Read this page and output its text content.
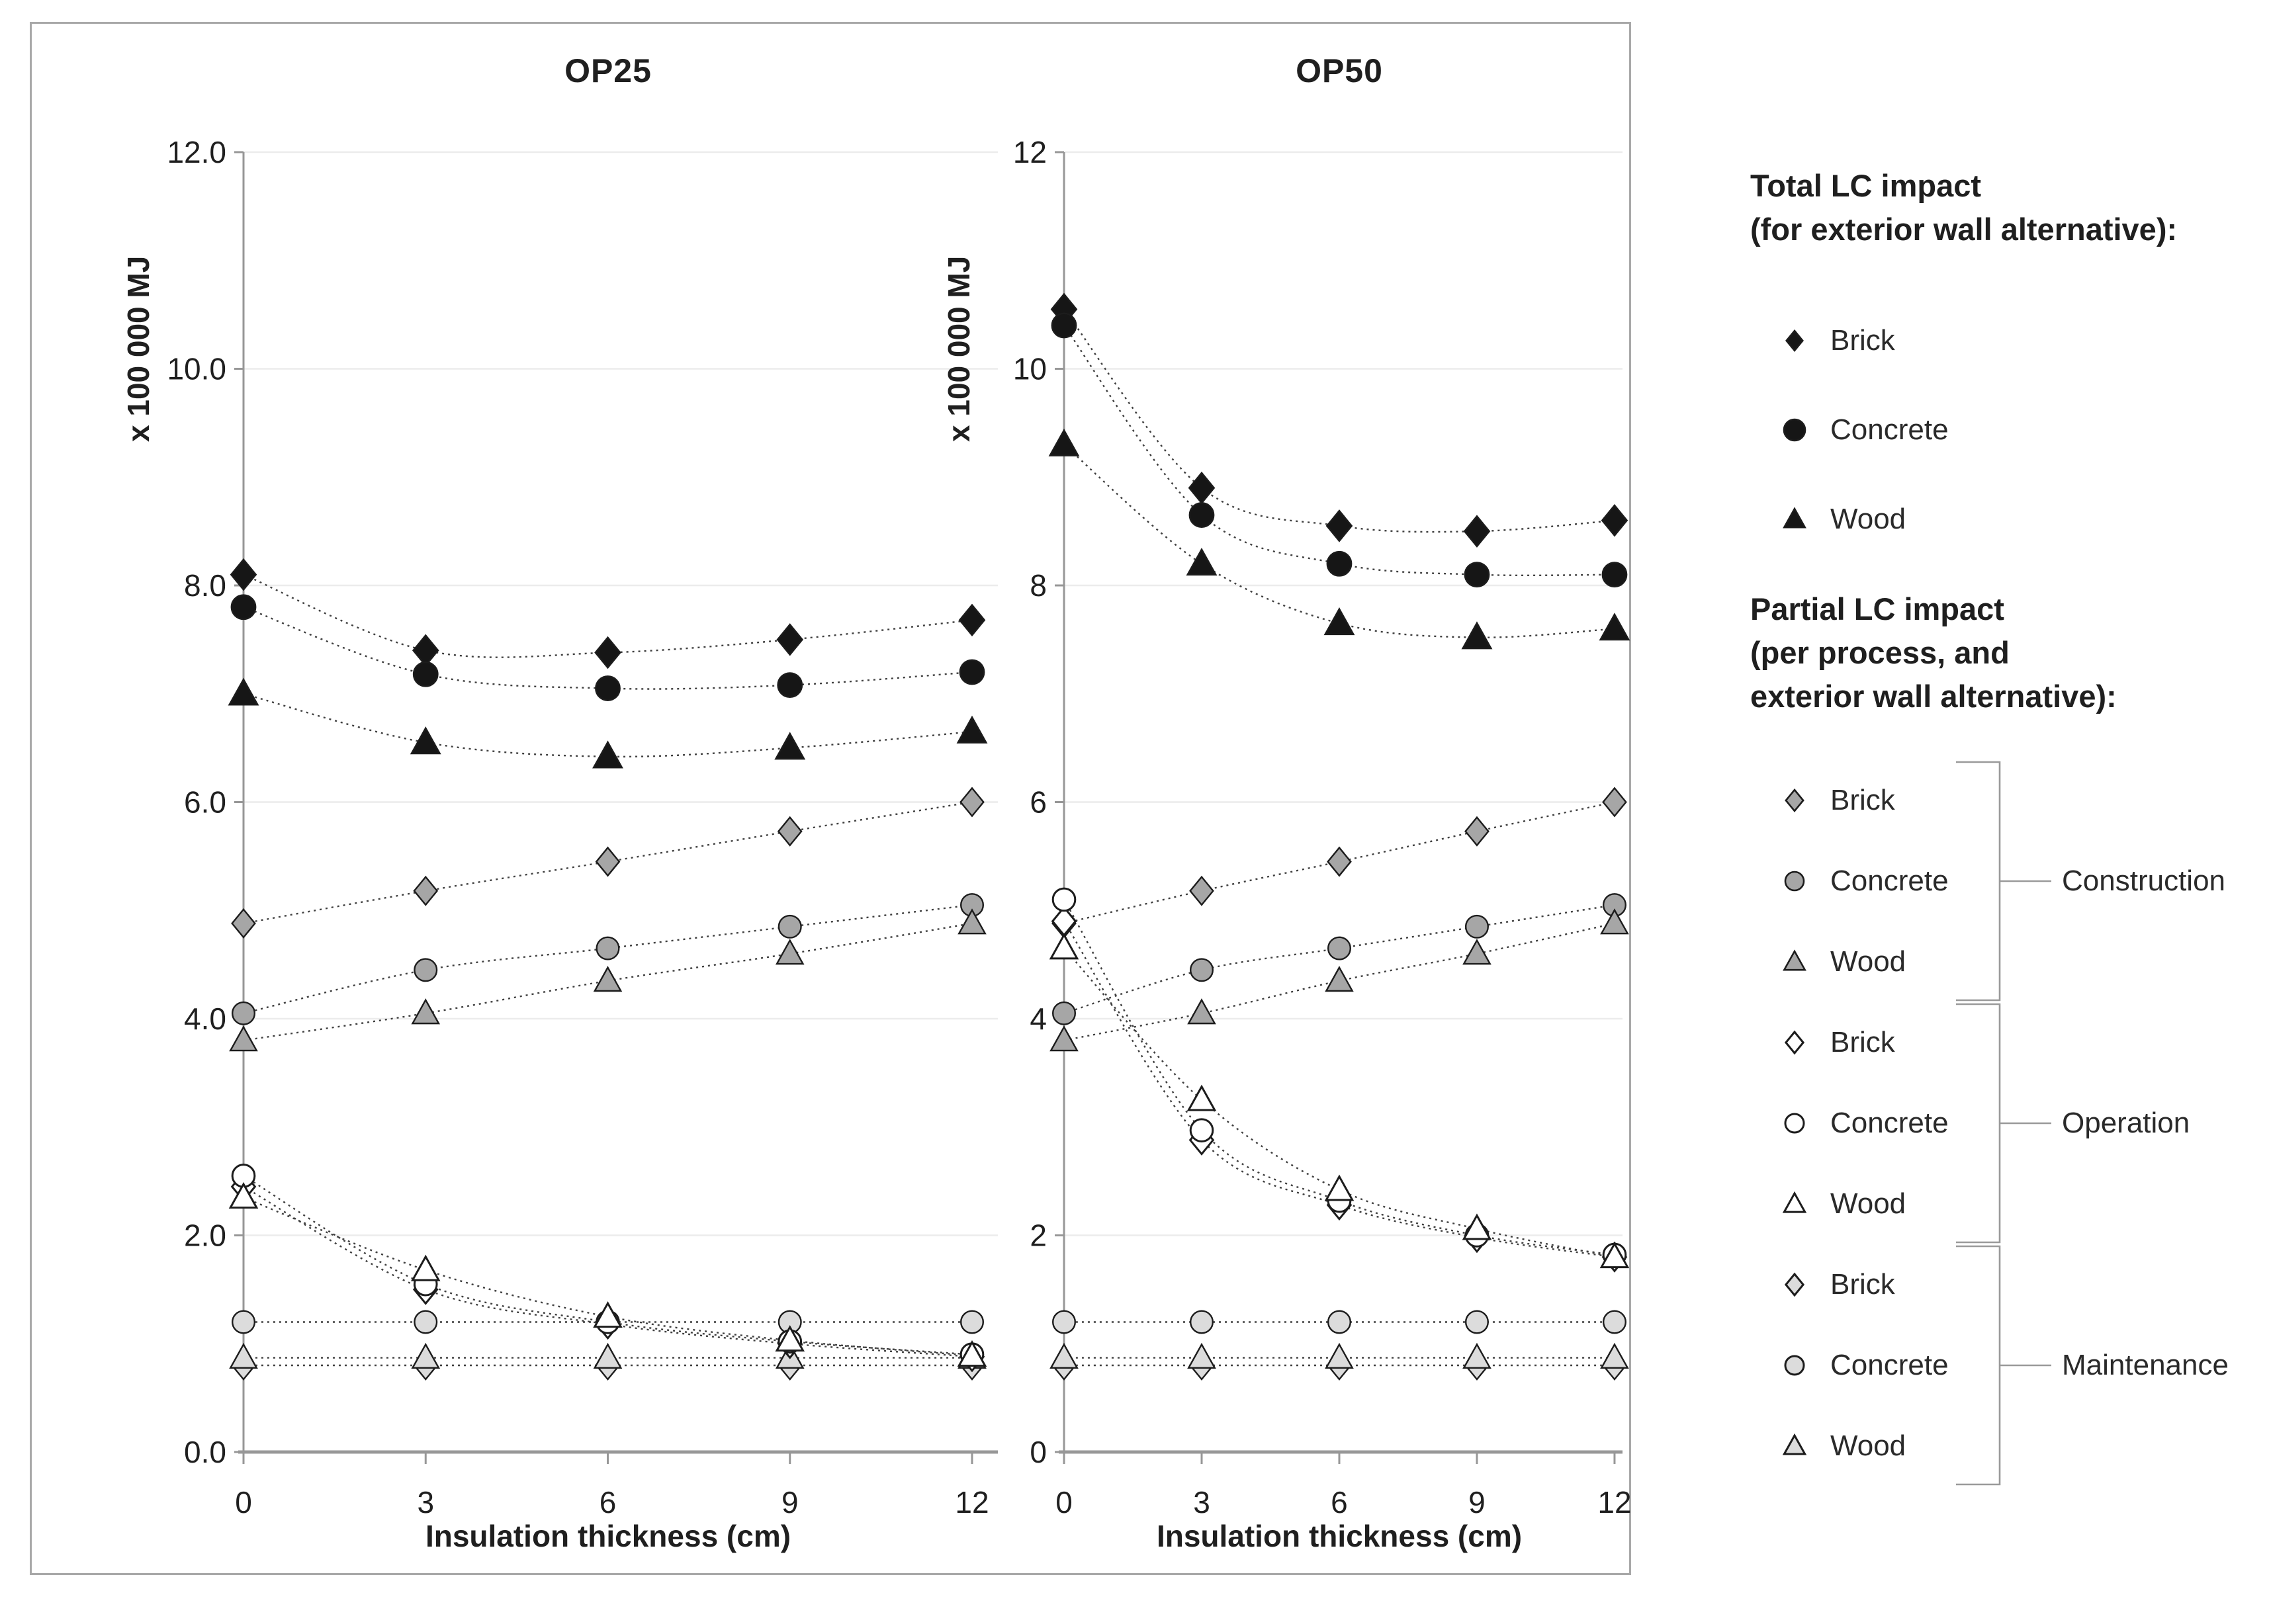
0.0
2.0
4.0
6.0
8.0
10.0
12.0
0	3	6	9	12
0
2
4
6
8
10
12
0	3	6	9	12
OP25	OP50
x 100 000 MJ	x 100 000 MJ
Insulation thickness (cm)	Insulation thickness (cm)
Total LC impact
(for exterior wall alternative):
Partial LC impact
(per process, and
exterior wall alternative):
Brick
Concrete
Wood
Brick
Concrete
Wood
Brick
Concrete
Wood
Brick
Concrete
Wood
Construction
Operation
Maintenance
